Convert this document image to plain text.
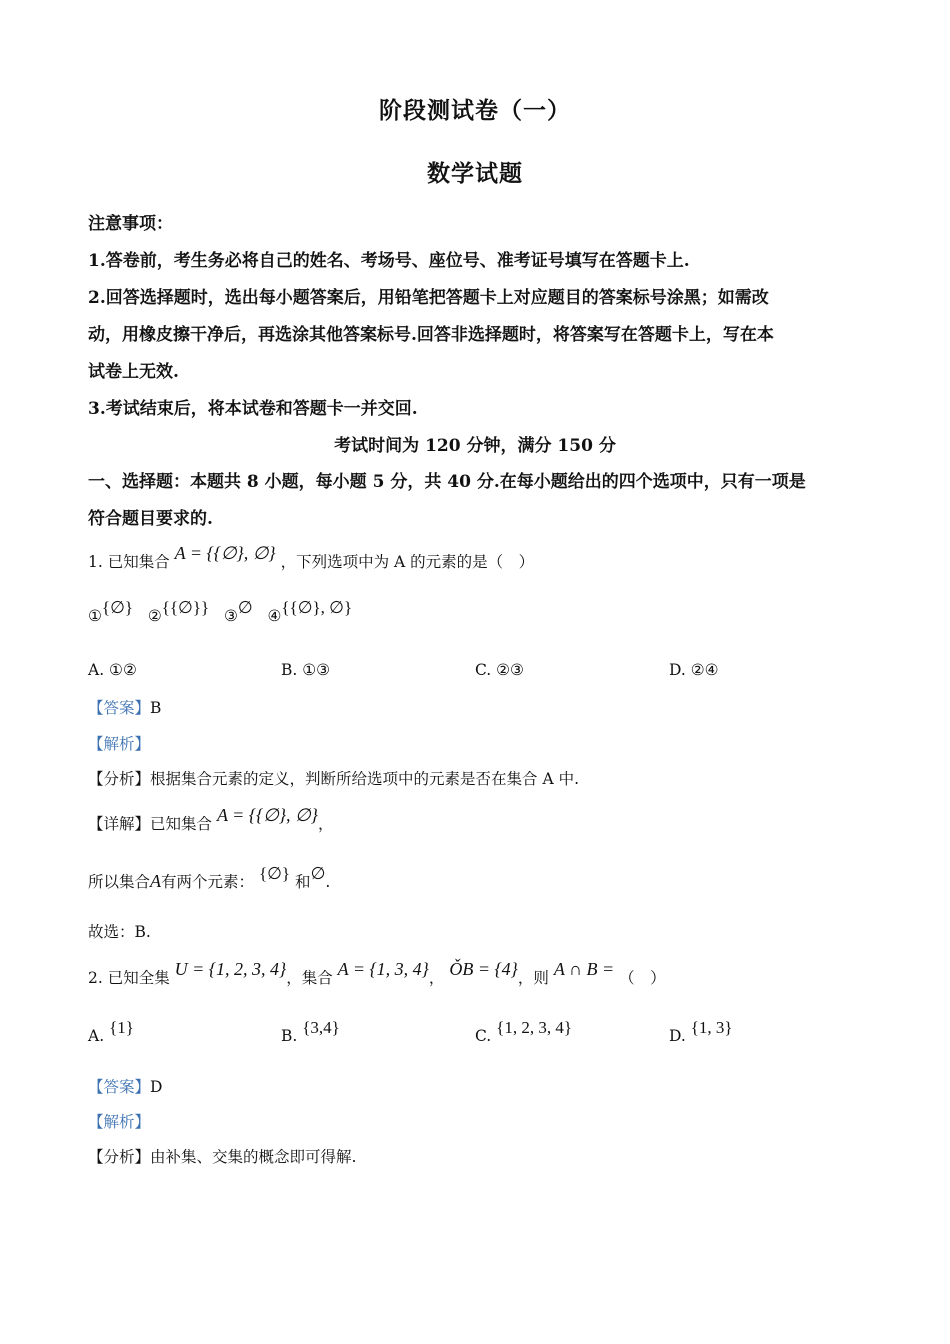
阶段测试卷（一）
数学试题
注意事项：
1.答卷前，考生务必将自己的姓名、考场号、座位号、准考证号填写在答题卡上.
2.回答选择题时，选出每小题答案后，用铅笔把答题卡上对应题目的答案标号涂黑；如需改
动，用橡皮擦干净后，再选涂其他答案标号.回答非选择题时，将答案写在答题卡上，写在本
试卷上无效.
3.考试结束后，将本试卷和答题卡一并交回.
考试时间为 120 分钟，满分 150 分
一、选择题：本题共 8 小题，每小题 5 分，共 40 分.在每小题给出的四个选项中，只有一项是
符合题目要求的.
1. 已知集合 A = {{∅}, ∅} ，下列选项中为 A 的元素的是（　）
①{∅} ②{{∅}} ③∅ ④{{∅}, ∅}
A. ①②	B. ①③	C. ②③	D. ②④
【答案】B
【解析】
【分析】根据集合元素的定义，判断所给选项中的元素是否在集合 A 中.
【详解】已知集合 A = {{∅}, ∅}，
所以集合A有两个元素： {∅} 和∅.
故选：B.
2. 已知全集 U = {1, 2, 3, 4}，集合 A = {1, 3, 4}， ǑB = {4}，则 A ∩ B = （　）
A. {1}	B. {3,4}	C. {1, 2, 3, 4}	D. {1, 3}
【答案】D
【解析】
【分析】由补集、交集的概念即可得解.
